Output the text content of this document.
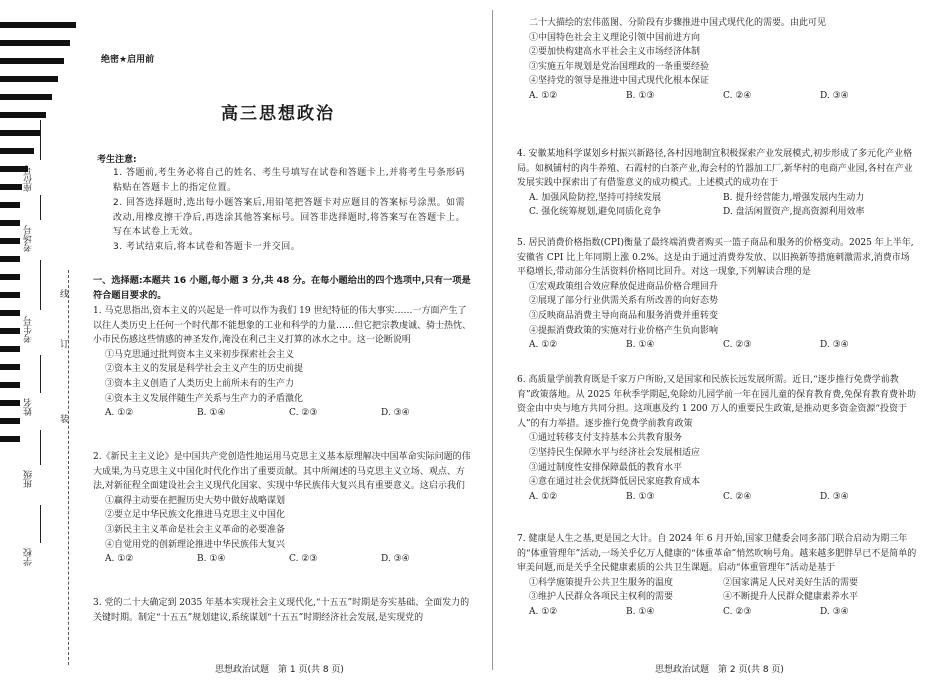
座位号
考场号
考生号
姓名
班级
学校
线
订
装
绝密★启用前
高三思想政治
考生注意:
1. 答题前,考生务必将自己的姓名、考生号填写在试卷和答题卡上,并将考生号条形码粘贴在答题卡上的指定位置。
2. 回答选择题时,选出每小题答案后,用铅笔把答题卡对应题目的答案标号涂黑。如需改动,用橡皮擦干净后,再选涂其他答案标号。回答非选择题时,将答案写在答题卡上。写在本试卷上无效。
3. 考试结束后,将本试卷和答题卡一并交回。
一、选择题:本题共 16 小题,每小题 3 分,共 48 分。在每小题给出的四个选项中,只有一项是符合题目要求的。

1. 马克思指出,资本主义的兴起是一件可以作为我们 19 世纪特征的伟大事实……一方面产生了以往人类历史上任何一个时代都不能想象的工业和科学的力量……但它把宗教虔诚、骑士热忱、小市民伤感这些情感的神圣发作,淹没在利己主义打算的冰水之中。这一论断说明

①马克思通过批判资本主义来初步探索社会主义

②资本主义的发展是科学社会主义产生的历史前提

③资本主义创造了人类历史上前所未有的生产力

④资本主义发展伴随生产关系与生产力的矛盾激化

A. ①②	B. ①④	C. ②③	D. ③④

2.《新民主主义论》是中国共产党创造性地运用马克思主义基本原理解决中国革命实际问题的伟大成果,为马克思主义中国化时代化作出了重要贡献。其中所阐述的马克思主义立场、观点、方法,对新征程全面建设社会主义现代化国家、实现中华民族伟大复兴具有重要意义。这启示我们

①赢得主动要在把握历史大势中做好战略谋划

②要立足中华民族文化推进马克思主义中国化

③新民主主义革命是社会主义革命的必要准备

④自觉用党的创新理论推进中华民族伟大复兴

A. ①②	B. ①④	C. ②③	D. ③④

3. 党的二十大确定到 2035 年基本实现社会主义现代化,“十五五”时期是夯实基础、全面发力的关键时期。制定“十五五”规划建议,系统谋划“十五五”时期经济社会发展,是实现党的

思想政治试题　第 1 页(共 8 页)

二十大描绘的宏伟蓝图、分阶段有步骤推进中国式现代化的需要。由此可见

①中国特色社会主义理论引领中国前进方向

②要加快构建高水平社会主义市场经济体制

③实施五年规划是党治国理政的一条重要经验

④坚持党的领导是推进中国式现代化根本保证

A. ①②	B. ①③	C. ②④	D. ③④

4. 安徽某地科学谋划乡村振兴新路径,各村因地制宜积极探索产业发展模式,初步形成了多元化产业格局。如枫铺村的肉牛养殖、石霞村的白茶产业,海会村的竹器加工厂,新华村的电商产业园,各村在产业发展实践中探索出了有借鉴意义的成功模式。上述模式的成功在于

A. 加强风险防控,坚持可持续发展	B. 提升经营能力,增强发展内生动力
C. 强化统筹规划,避免同质化竞争	D. 盘活闲置资产,提高资源利用效率

5. 居民消费价格指数(CPI)衡量了最终端消费者购买一篮子商品和服务的价格变动。2025 年上半年,安徽省 CPI 比上年同期上涨 0.2%。这是由于通过消费券发放、以旧换新等措施刺激需求,消费市场平稳增长,带动部分生活资料价格同比回升。对这一现象,下列解读合理的是

①宏观政策组合效应释放促进商品价格合理回升

②展现了部分行业供需关系有所改善的向好态势

③反映商品消费主导向商品和服务消费并重转变

④提振消费政策的实施对行业价格产生负向影响

A. ①②	B. ①④	C. ②③	D. ③④

6. 高质量学前教育既是千家万户所盼,又是国家和民族长远发展所需。近日,“逐步推行免费学前教育”政策落地。从 2025 年秋季学期起,免除幼儿园学前一年在园儿童的保育教育费,免保育教育费补助资金由中央与地方共同分担。这项惠及约 1 200 万人的重要民生政策,是推动更多资金资源“投资于人”的有力举措。逐步推行免费学前教育政策

①通过转移支付支持基本公共教育服务

②坚持民生保障水平与经济社会发展相适应

③通过制度性安排保障最低的教育水平

④意在通过社会优抚降低居民家庭教育成本

A. ①②	B. ①③	C. ②④	D. ③④

7. 健康是人生之基,更是国之大计。自 2024 年 6 月开始,国家卫健委会同多部门联合启动为期三年的“体重管理年”活动,一场关乎亿万人健康的“体重革命”悄然吹响号角。越来越多肥胖早已不是简单的审美问题,而是关乎全民健康素质的公共卫生课题。启动“体重管理年”活动是基于

①科学施策提升公共卫生服务的温度	②国家满足人民对美好生活的需要
③维护人民群众各项民主权利的需要	④不断提升人民群众健康素养水平
A. ①②	B. ①④	C. ②③	D. ③④
思想政治试题　第 2 页(共 8 页)
